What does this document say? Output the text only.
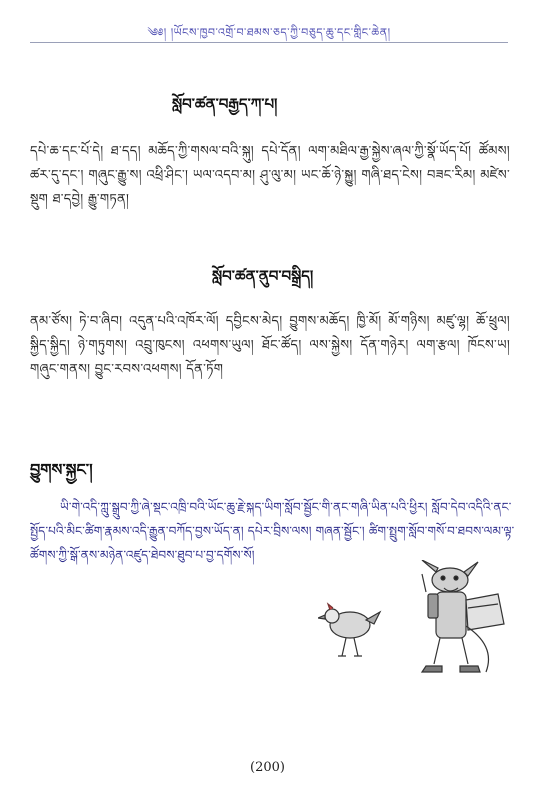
༄༅། །ཡོངས་ཁྱབ་འགྲོ་བ་ཐམས་ཅད་ཀྱི་བཅུད་ཆུ་དང་གླིང་ཆེན།
སློབ་ཚན་བརྒྱད་ཀ་པ།
དཔེ་ཆ་དང་པོ་དེ། ཐ་དད། མཆོད་ཀྱི་གསལ་བའི་སྐུ། དཔེ་དོན། ལག་མཐིལ་རྒྱ་སྐྱེས་ཞལ་ཀྱི་སྣོ་ཡོད་པོ། ཚོམས། ཚར་དུ་དང་། གཞུང་རྒྱུ་ས། འཕྲི་ཤིང་། ཡལ་འདབ་མ། ཤུ་ལུ་མ། ཡང་ཆོ་ཉེ་སྐྱུ། གཞི་ཐད་ངེས། བཟང་རིམ། མཛེས་སྡུག ཐ་དབྱེ། རྒྱུ་གཏན།
སློབ་ཚན་ནུབ་བསྒྲིད།
ནམ་ཙོས། ཏེ་བ་ཞིབ། འདུན་པའི་འཁོར་ལོ། དབྱིངས་མེད། བྱུགས་མཆོད། ཁྱི་མོ། མོ་གཉིས། མཛུ་ལྷ། ཆོ་ཕྲུལ། སྐྱིད་སྐྱིད། ཉེ་གཏུགས། འབྲུ་ཁུངས། འཕགས་ཡུལ། ཐོང་ཚོད། ལས་སྐྱེས། དོན་གཉེར། ལག་རྩལ། ཁོངས་ཡ། གཞུང་གནས། བྱུང་རབས་འཕགས། དོན་ཏོག
བྱུགས་སྐྱང་།
ཡི་གེ་འདི་ཀླུ་སྒྲུབ་ཀྱི་ཞེ་སྡང་འཁྲི་བའི་ཡོང་ཆུ་རྗེ་སྐད་ཡིག་སློབ་སྦྱོང་གི་ནང་གཞི་ཡིན་པའི་ཕྱིར། སློབ་དེབ་འདིའི་ནང་སྤྱོད་པའི་མིང་ཚིག་རྣམས་འདི་རྒྱུན་བཀོད་བྱས་ཡོད་ན། དཔེར་བྲིས་ལས། གཞན་སྦྱོང་། ཚིག་སྤྲུག་སློབ་གསོ་བ་ཐབས་ལམ་ལྟ་ཚོགས་ཀྱི་སྒོ་ནས་མཉེན་འཛུད་ཐེབས་ཐུབ་པ་བྱ་དགོས་སོ།
(200)
